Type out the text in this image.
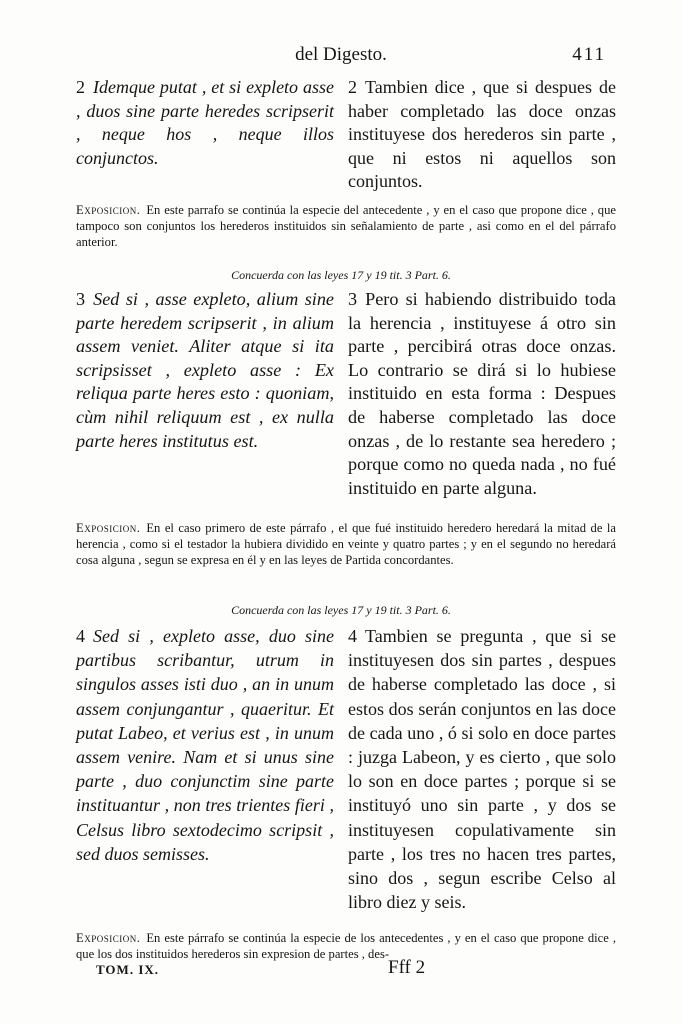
del Digesto.	411
2 Idemque putat , et si expleto asse , duos sine parte heredes scripserit , neque hos , neque illos conjunctos.
2 Tambien dice , que si despues de haber completado las doce onzas instituyese dos herederos sin parte , que ni estos ni aquellos son conjuntos.
Exposicion. En este parrafo se continúa la especie del antecedente , y en el caso que propone dice , que tampoco son conjuntos los herederos instituidos sin señalamiento de parte , asi como en el del párrafo anterior.
Concuerda con las leyes 17 y 19 tit. 3 Part. 6.
3 Sed si , asse expleto, alium sine parte heredem scripserit , in alium assem veniet. Aliter atque si ita scripsisset , expleto asse : Ex reliqua parte heres esto : quoniam, cùm nihil reliquum est , ex nulla parte heres institutus est.
3 Pero si habiendo distribuido toda la herencia , instituyese á otro sin parte , percibirá otras doce onzas. Lo contrario se dirá si lo hubiese instituido en esta forma : Despues de haberse completado las doce onzas , de lo restante sea heredero ; porque como no queda nada , no fué instituido en parte alguna.
Exposicion. En el caso primero de este párrafo , el que fué instituido heredero heredará la mitad de la herencia , como si el testador la hubiera dividido en veinte y quatro partes ; y en el segundo no heredará cosa alguna , segun se expresa en él y en las leyes de Partida concordantes.
Concuerda con las leyes 17 y 19 tit. 3 Part. 6.
4 Sed si , expleto asse, duo sine partibus scribantur, utrum in singulos asses isti duo , an in unum assem conjungantur , quaeritur. Et putat Labeo, et verius est , in unum assem venire. Nam et si unus sine parte , duo conjunctim sine parte instituantur , non tres trientes fieri , Celsus libro sextodecimo scripsit , sed duos semisses.
4 Tambien se pregunta , que si se instituyesen dos sin partes , despues de haberse completado las doce , si estos dos serán conjuntos en las doce de cada uno , ó si solo en doce partes : juzga Labeon, y es cierto , que solo lo son en doce partes ; porque si se instituyó uno sin parte , y dos se instituyesen copulativamente sin parte , los tres no hacen tres partes, sino dos , segun escribe Celso al libro diez y seis.
Exposicion. En este párrafo se continúa la especie de los antecedentes , y en el caso que propone dice , que los dos instituidos herederos sin expresion de partes , des-
TOM. IX.	Fff 2
